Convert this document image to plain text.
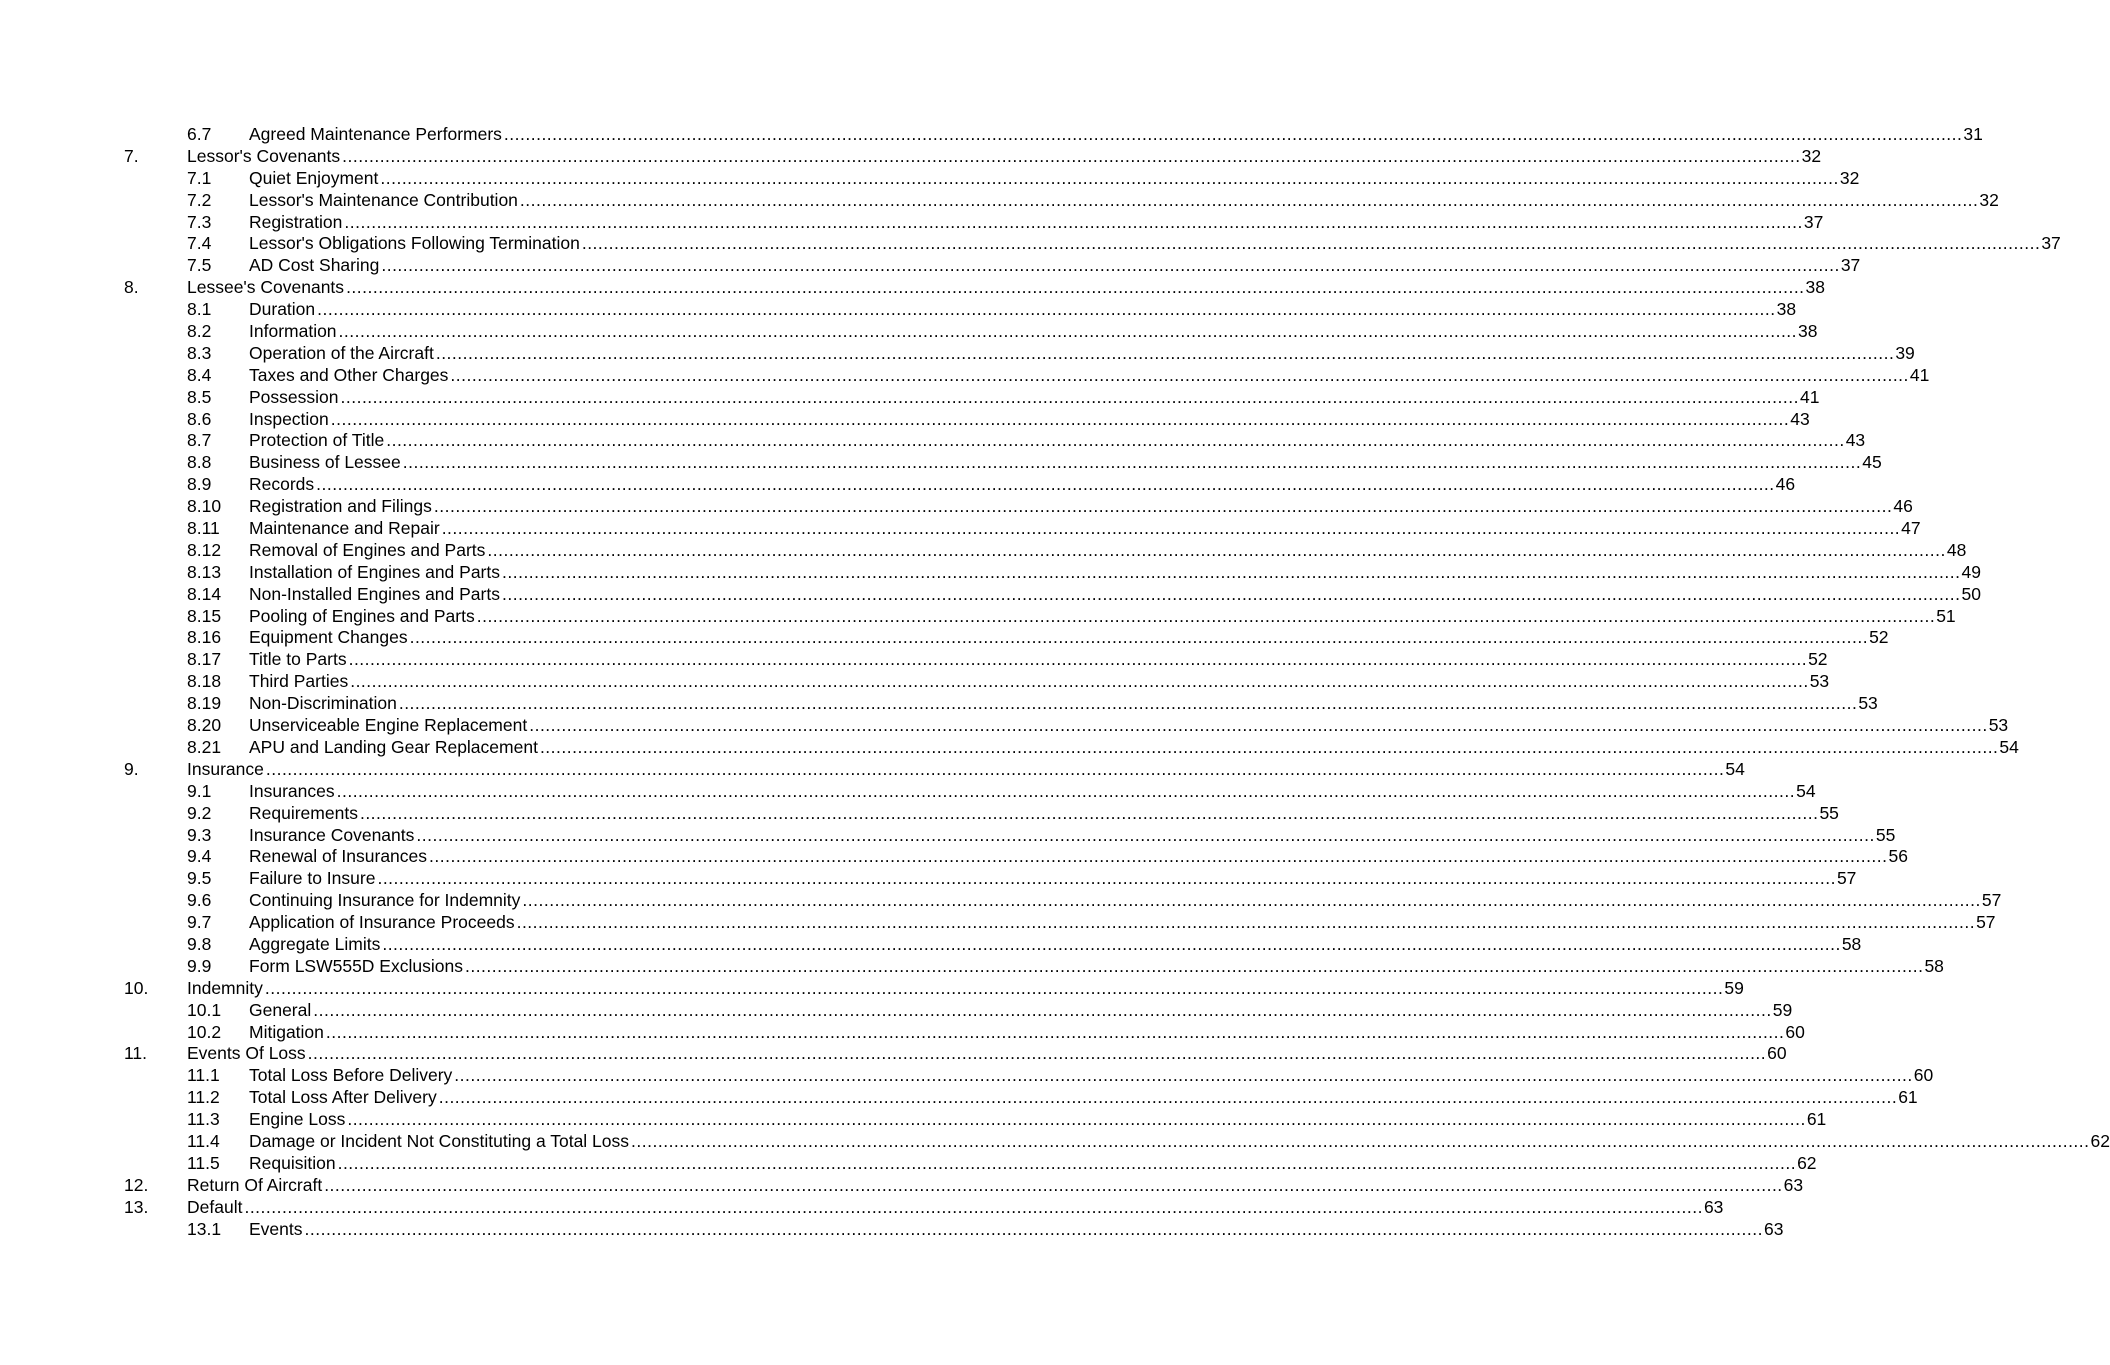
6.7 Agreed Maintenance Performers ................................................................................................................................................................................................................................................................................ 31
7.	Lessor's Covenants ................................................................................................................................................................................................................................................................................ 32
7.1 Quiet Enjoyment ................................................................................................................................................................................................................................................................................ 32
7.2 Lessor's Maintenance Contribution ................................................................................................................................................................................................................................................................................ 32
7.3 Registration ................................................................................................................................................................................................................................................................................ 37
7.4 Lessor's Obligations Following Termination ................................................................................................................................................................................................................................................................................ 37
7.5 AD Cost Sharing ................................................................................................................................................................................................................................................................................ 37
8.	Lessee's Covenants ................................................................................................................................................................................................................................................................................ 38
8.1 Duration ................................................................................................................................................................................................................................................................................ 38
8.2 Information ................................................................................................................................................................................................................................................................................ 38
8.3 Operation of the Aircraft ................................................................................................................................................................................................................................................................................ 39
8.4 Taxes and Other Charges ................................................................................................................................................................................................................................................................................ 41
8.5 Possession ................................................................................................................................................................................................................................................................................ 41
8.6 Inspection ................................................................................................................................................................................................................................................................................ 43
8.7 Protection of Title ................................................................................................................................................................................................................................................................................ 43
8.8 Business of Lessee ................................................................................................................................................................................................................................................................................ 45
8.9 Records ................................................................................................................................................................................................................................................................................ 46
8.10 Registration and Filings ................................................................................................................................................................................................................................................................................ 46
8.11 Maintenance and Repair ................................................................................................................................................................................................................................................................................ 47
8.12 Removal of Engines and Parts ................................................................................................................................................................................................................................................................................ 48
8.13 Installation of Engines and Parts ................................................................................................................................................................................................................................................................................ 49
8.14 Non-Installed Engines and Parts ................................................................................................................................................................................................................................................................................ 50
8.15 Pooling of Engines and Parts ................................................................................................................................................................................................................................................................................ 51
8.16 Equipment Changes ................................................................................................................................................................................................................................................................................ 52
8.17 Title to Parts ................................................................................................................................................................................................................................................................................ 52
8.18 Third Parties ................................................................................................................................................................................................................................................................................ 53
8.19 Non-Discrimination ................................................................................................................................................................................................................................................................................ 53
8.20 Unserviceable Engine Replacement ................................................................................................................................................................................................................................................................................ 53
8.21 APU and Landing Gear Replacement ................................................................................................................................................................................................................................................................................ 54
9.	Insurance ................................................................................................................................................................................................................................................................................ 54
9.1 Insurances ................................................................................................................................................................................................................................................................................ 54
9.2 Requirements ................................................................................................................................................................................................................................................................................ 55
9.3 Insurance Covenants ................................................................................................................................................................................................................................................................................ 55
9.4 Renewal of Insurances ................................................................................................................................................................................................................................................................................ 56
9.5 Failure to Insure ................................................................................................................................................................................................................................................................................ 57
9.6 Continuing Insurance for Indemnity ................................................................................................................................................................................................................................................................................ 57
9.7 Application of Insurance Proceeds ................................................................................................................................................................................................................................................................................ 57
9.8 Aggregate Limits ................................................................................................................................................................................................................................................................................ 58
9.9 Form LSW555D Exclusions ................................................................................................................................................................................................................................................................................ 58
10. Indemnity ................................................................................................................................................................................................................................................................................ 59
10.1 General ................................................................................................................................................................................................................................................................................ 59
10.2 Mitigation ................................................................................................................................................................................................................................................................................ 60
11. Events Of Loss ................................................................................................................................................................................................................................................................................ 60
11.1 Total Loss Before Delivery ................................................................................................................................................................................................................................................................................ 60
11.2 Total Loss After Delivery ................................................................................................................................................................................................................................................................................ 61
11.3 Engine Loss ................................................................................................................................................................................................................................................................................ 61
11.4 Damage or Incident Not Constituting a Total Loss ................................................................................................................................................................................................................................................................................ 62
11.5 Requisition ................................................................................................................................................................................................................................................................................ 62
12. Return Of Aircraft ................................................................................................................................................................................................................................................................................ 63
13. Default ................................................................................................................................................................................................................................................................................ 63
13.1 Events ................................................................................................................................................................................................................................................................................ 63
